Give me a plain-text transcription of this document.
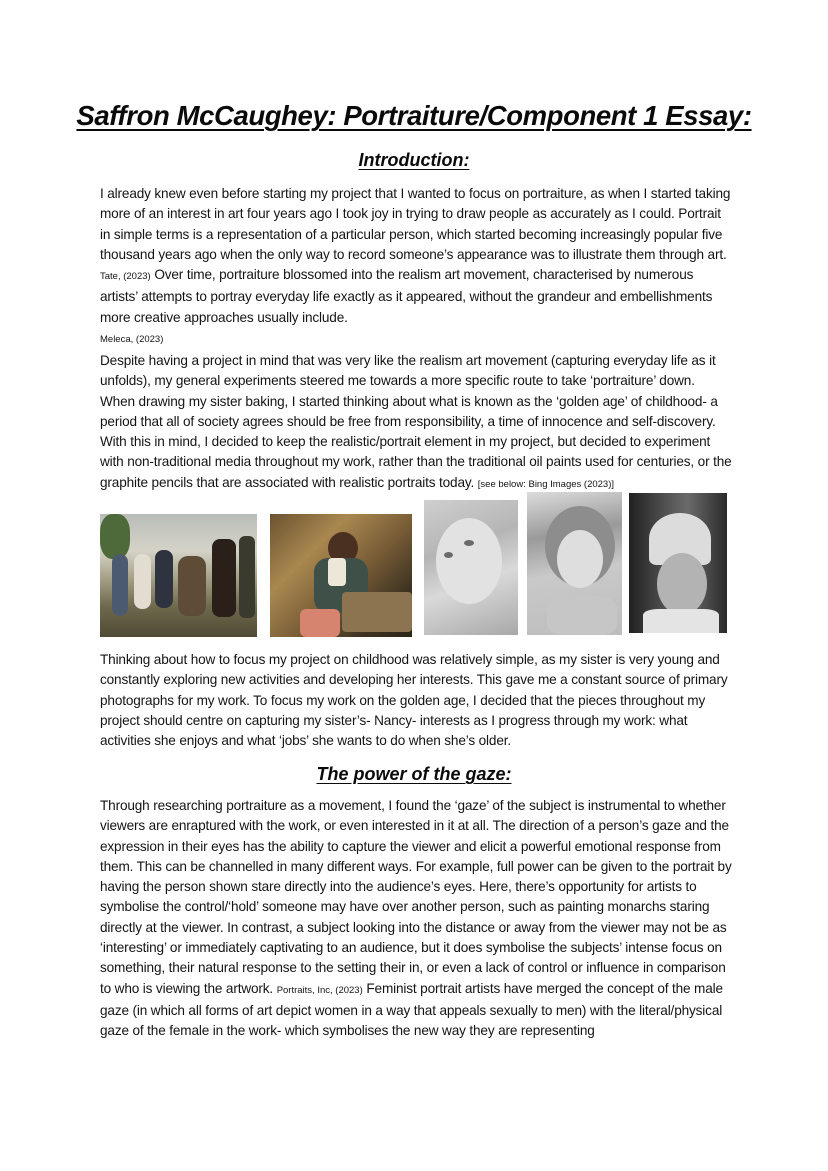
Saffron McCaughey: Portraiture/Component 1 Essay:
Introduction:
I already knew even before starting my project that I wanted to focus on portraiture, as when I started taking more of an interest in art four years ago I took joy in trying to draw people as accurately as I could. Portrait in simple terms is a representation of a particular person, which started becoming increasingly popular five thousand years ago when the only way to record someone’s appearance was to illustrate them through art. Tate, (2023) Over time, portraiture blossomed into the realism art movement, characterised by numerous artists’ attempts to portray everyday life exactly as it appeared, without the grandeur and embellishments more creative approaches usually include.
Meleca, (2023)
Despite having a project in mind that was very like the realism art movement (capturing everyday life as it unfolds), my general experiments steered me towards a more specific route to take ‘portraiture’ down. When drawing my sister baking, I started thinking about what is known as the ‘golden age’ of childhood- a period that all of society agrees should be free from responsibility, a time of innocence and self-discovery. With this in mind, I decided to keep the realistic/portrait element in my project, but decided to experiment with non-traditional media throughout my work, rather than the traditional oil paints used for centuries, or the graphite pencils that are associated with realistic portraits today. [see below: Bing Images (2023)]
Thinking about how to focus my project on childhood was relatively simple, as my sister is very young and constantly exploring new activities and developing her interests. This gave me a constant source of primary photographs for my work. To focus my work on the golden age, I decided that the pieces throughout my project should centre on capturing my sister’s- Nancy- interests as I progress through my work: what activities she enjoys and what ‘jobs’ she wants to do when she’s older.
The power of the gaze:
Through researching portraiture as a movement, I found the ‘gaze’ of the subject is instrumental to whether viewers are enraptured with the work, or even interested in it at all. The direction of a person’s gaze and the expression in their eyes has the ability to capture the viewer and elicit a powerful emotional response from them. This can be channelled in many different ways. For example, full power can be given to the portrait by having the person shown stare directly into the audience’s eyes. Here, there’s opportunity for artists to symbolise the control/‘hold’ someone may have over another person, such as painting monarchs staring directly at the viewer. In contrast, a subject looking into the distance or away from the viewer may not be as ‘interesting’ or immediately captivating to an audience, but it does symbolise the subjects’ intense focus on something, their natural response to the setting their in, or even a lack of control or influence in comparison to who is viewing the artwork. Portraits, Inc, (2023) Feminist portrait artists have merged the concept of the male gaze (in which all forms of art depict women in a way that appeals sexually to men) with the literal/physical gaze of the female in the work- which symbolises the new way they are representing
